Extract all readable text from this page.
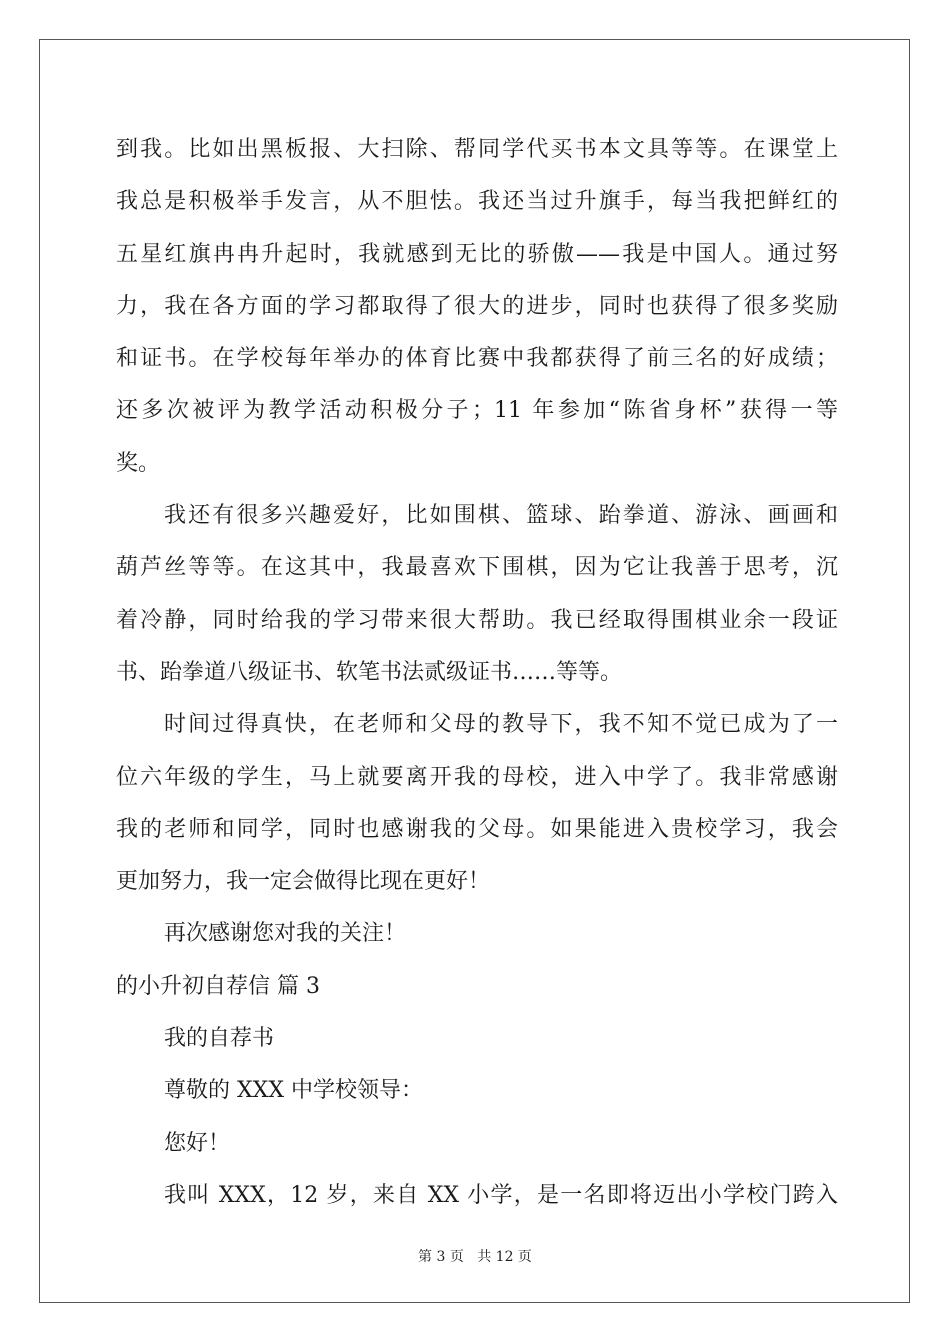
到我。比如出黑板报、大扫除、帮同学代买书本文具等等。在课堂上
我总是积极举手发言，从不胆怯。我还当过升旗手，每当我把鲜红的
五星红旗冉冉升起时，我就感到无比的骄傲——我是中国人。通过努
力，我在各方面的学习都取得了很大的进步，同时也获得了很多奖励
和证书。在学校每年举办的体育比赛中我都获得了前三名的好成绩；
还多次被评为教学活动积极分子；11 年参加“陈省身杯”获得一等
奖。
我还有很多兴趣爱好，比如围棋、篮球、跆拳道、游泳、画画和
葫芦丝等等。在这其中，我最喜欢下围棋，因为它让我善于思考，沉
着冷静，同时给我的学习带来很大帮助。我已经取得围棋业余一段证
书、跆拳道八级证书、软笔书法贰级证书……等等。
时间过得真快，在老师和父母的教导下，我不知不觉已成为了一
位六年级的学生，马上就要离开我的母校，进入中学了。我非常感谢
我的老师和同学，同时也感谢我的父母。如果能进入贵校学习，我会
更加努力，我一定会做得比现在更好！
再次感谢您对我的关注！
的小升初自荐信 篇 3
我的自荐书
尊敬的 XXX 中学校领导：
您好！
我叫 XXX，12 岁，来自 XX 小学，是一名即将迈出小学校门跨入
第 3 页 共 12 页
